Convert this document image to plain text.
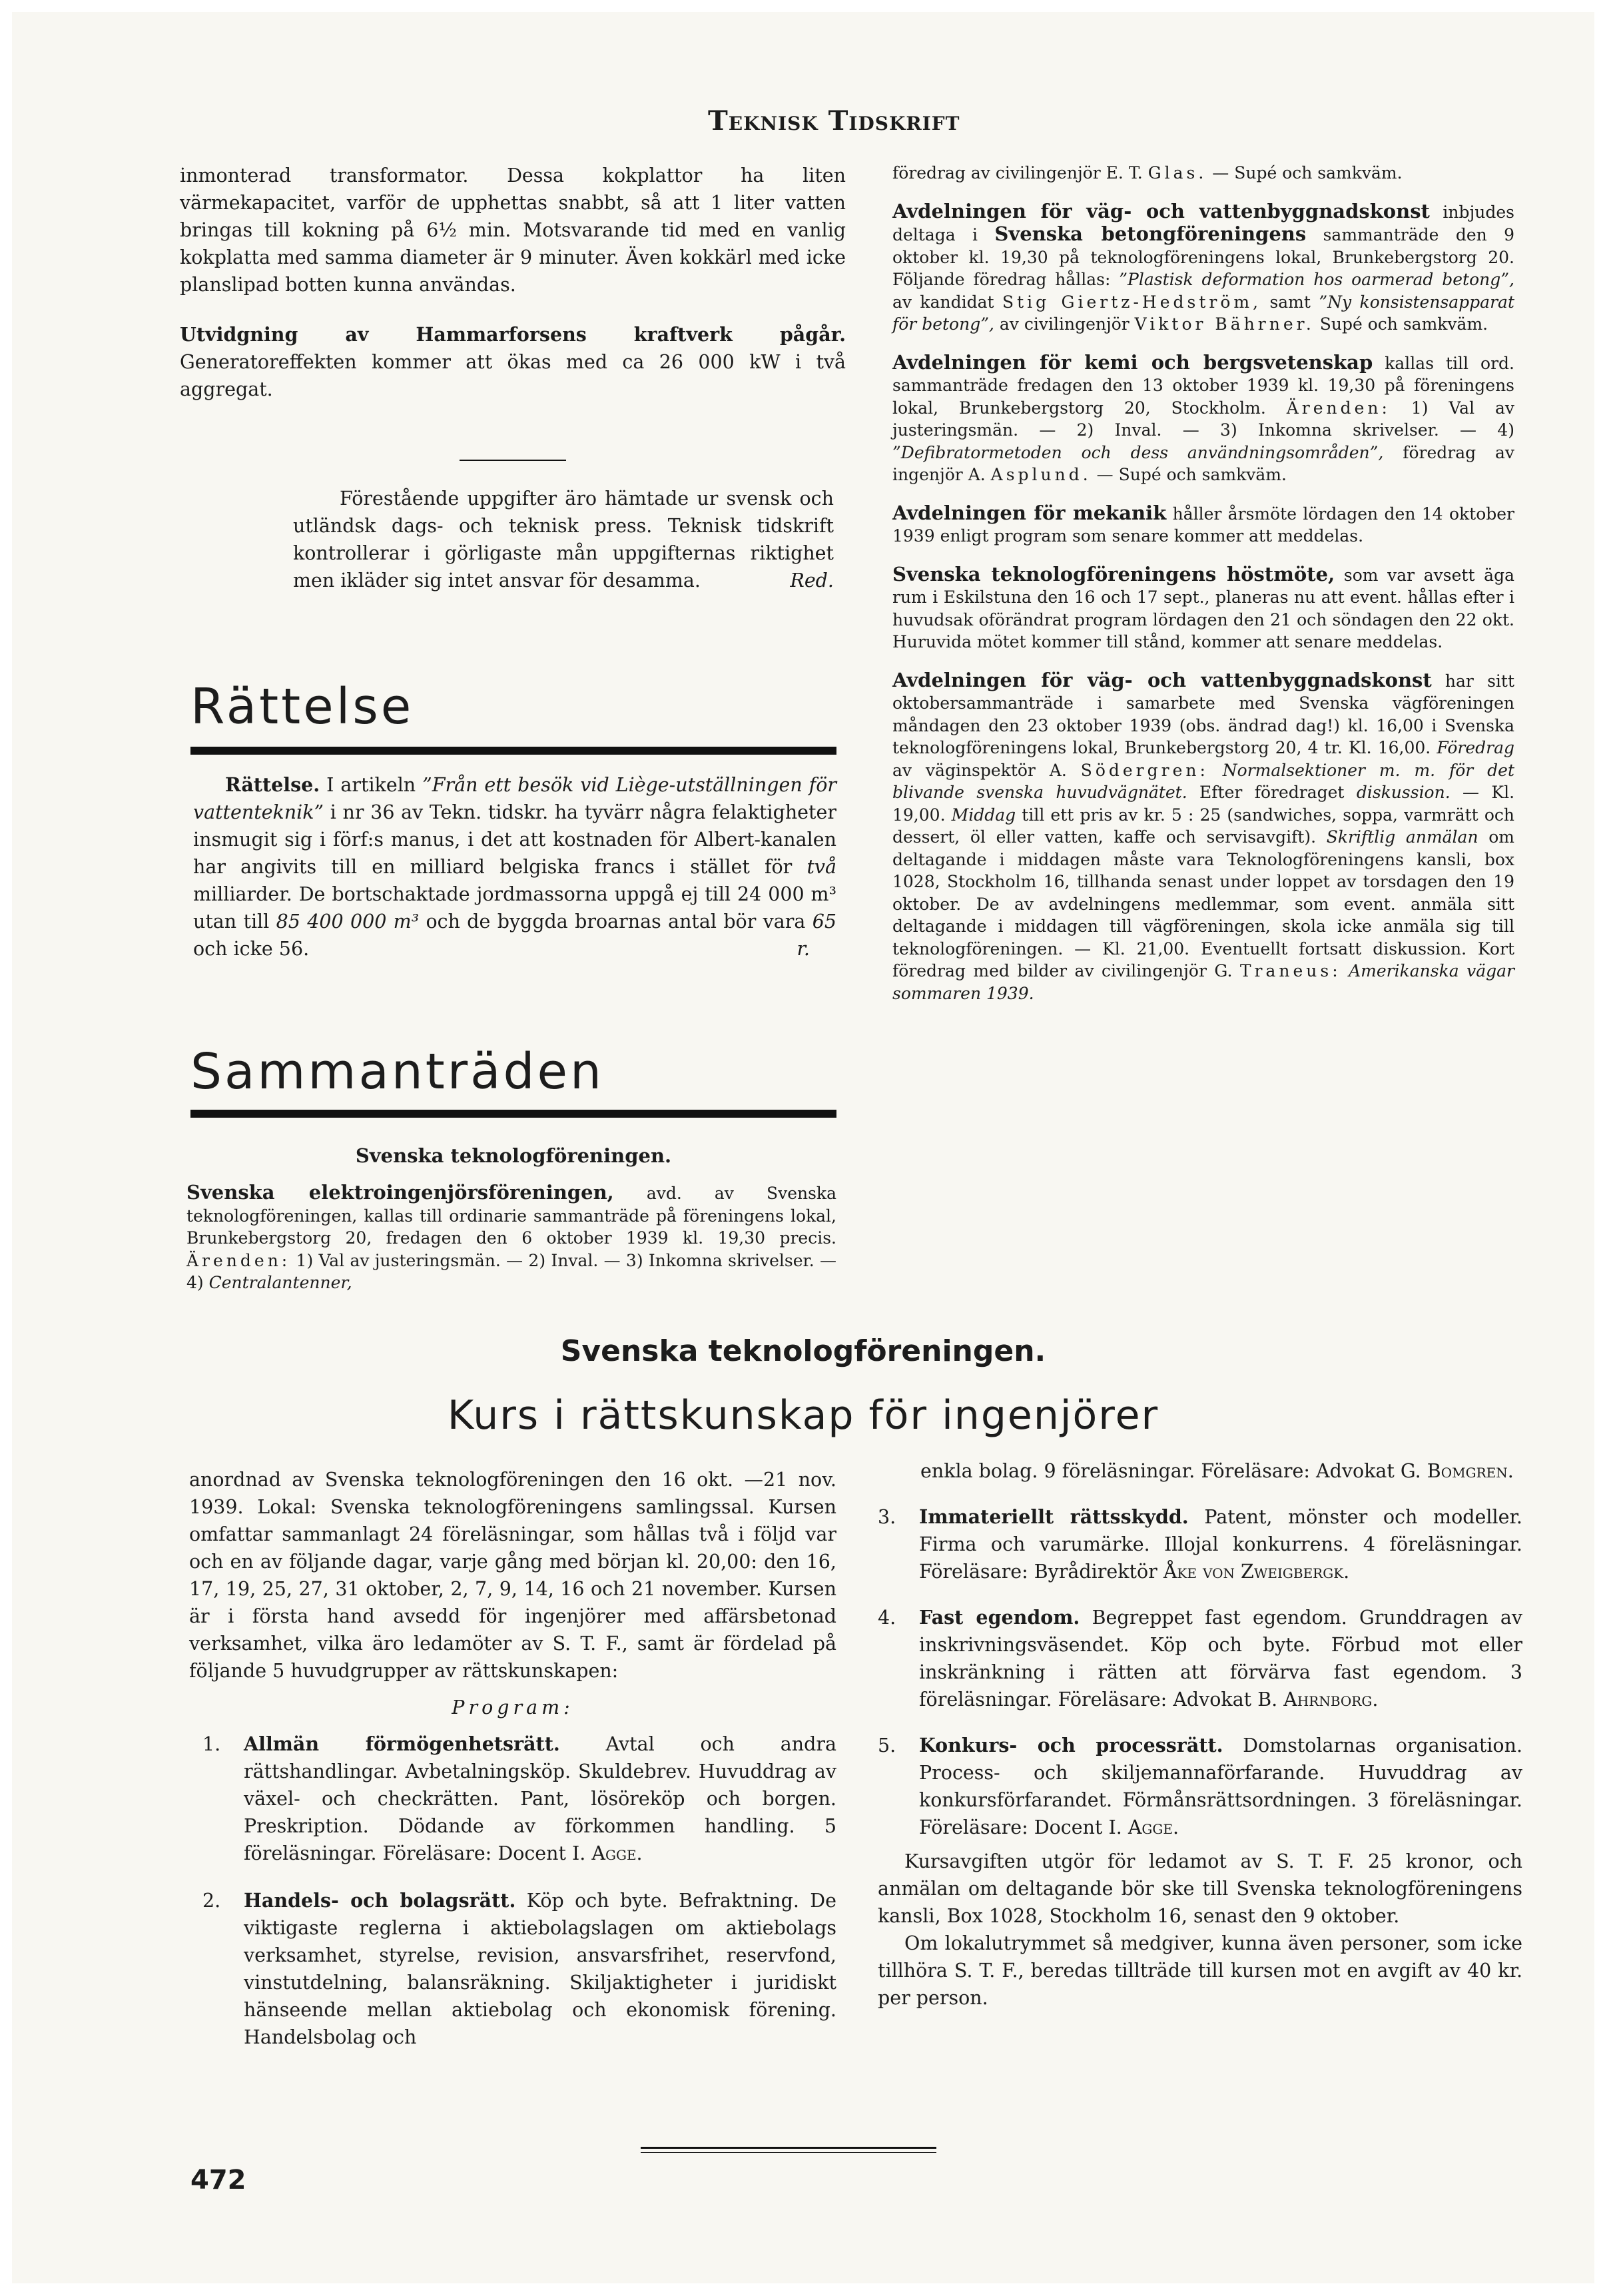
Teknisk Tidskrift

inmonterad transformator. Dessa kokplattor ha liten värmekapacitet, varför de upphettas snabbt, så att 1 liter vatten bringas till kokning på 6½ min. Motsvarande tid med en vanlig kokplatta med samma diameter är 9 minuter. Även kokkärl med icke planslipad botten kunna användas.

Utvidgning av Hammarforsens kraftverk pågår. Generatoreffekten kommer att ökas med ca 26 000 kW i två aggregat.

Förestående uppgifter äro hämtade ur svensk och utländsk dags- och teknisk press. Teknisk tidskrift kontrollerar i görligaste mån uppgifternas riktighet men ikläder sig intet ansvar för desamma.	Red.

Rättelse

Rättelse. I artikeln ”Från ett besök vid Liège-utställningen för vattenteknik” i nr 36 av Tekn. tidskr. ha tyvärr några felaktigheter insmugit sig i förf:s manus, i det att kostnaden för Albert-kanalen har angivits till en milliard belgiska francs i stället för två milliarder. De bortschaktade jordmassorna uppgå ej till 24 000 m³ utan till 85 400 000 m³ och de byggda broarnas antal bör vara 65 och icke 56.	r.

Sammanträden
Svenska teknologföreningen.

Svenska elektroingenjörsföreningen, avd. av Svenska teknologföreningen, kallas till ordinarie sammanträde på föreningens lokal, Brunkebergstorg 20, fredagen den 6 oktober 1939 kl. 19,30 precis. Ärenden: 1) Val av justeringsmän. — 2) Inval. — 3) Inkomna skrivelser. — 4) Centralantenner,

föredrag av civilingenjör E. T. Glas. — Supé och samkväm.

Avdelningen för väg- och vattenbyggnadskonst inbjudes deltaga i Svenska betongföreningens sammanträde den 9 oktober kl. 19,30 på teknologföreningens lokal, Brunkebergstorg 20. Följande föredrag hållas: ”Plastisk deformation hos oarmerad betong”, av kandidat Stig Giertz-Hedström, samt ”Ny konsistensapparat för betong”, av civilingenjör Viktor Bährner. Supé och samkväm.

Avdelningen för kemi och bergsvetenskap kallas till ord. sammanträde fredagen den 13 oktober 1939 kl. 19,30 på föreningens lokal, Brunkebergstorg 20, Stockholm. Ärenden: 1) Val av justeringsmän. — 2) Inval. — 3) Inkomna skrivelser. — 4) ”Defibratormetoden och dess användningsområden”, föredrag av ingenjör A. Asplund. — Supé och samkväm.

Avdelningen för mekanik håller årsmöte lördagen den 14 oktober 1939 enligt program som senare kommer att meddelas.

Svenska teknologföreningens höstmöte, som var avsett äga rum i Eskilstuna den 16 och 17 sept., planeras nu att event. hållas efter i huvudsak oförändrat program lördagen den 21 och söndagen den 22 okt. Huruvida mötet kommer till stånd, kommer att senare meddelas.

Avdelningen för väg- och vattenbyggnadskonst har sitt oktobersammanträde i samarbete med Svenska vägföreningen måndagen den 23 oktober 1939 (obs. ändrad dag!) kl. 16,00 i Svenska teknologföreningens lokal, Brunkebergstorg 20, 4 tr. Kl. 16,00. Föredrag av väginspektör A. Södergren: Normalsektioner m. m. för det blivande svenska huvudvägnätet. Efter föredraget diskussion. — Kl. 19,00. Middag till ett pris av kr. 5 : 25 (sandwiches, soppa, varmrätt och dessert, öl eller vatten, kaffe och servisavgift). Skriftlig anmälan om deltagande i middagen måste vara Teknologföreningens kansli, box 1028, Stockholm 16, tillhanda senast under loppet av torsdagen den 19 oktober. De av avdelningens medlemmar, som event. anmäla sitt deltagande i middagen till vägföreningen, skola icke anmäla sig till teknologföreningen. — Kl. 21,00. Eventuellt fortsatt diskussion. Kort föredrag med bilder av civilingenjör G. Traneus: Amerikanska vägar sommaren 1939.

Svenska teknologföreningen.
Kurs i rättskunskap för ingenjörer

anordnad av Svenska teknologföreningen den 16 okt. —21 nov. 1939. Lokal: Svenska teknologföreningens samlingssal. Kursen omfattar sammanlagt 24 föreläsningar, som hållas två i följd var och en av följande dagar, varje gång med början kl. 20,00: den 16, 17, 19, 25, 27, 31 oktober, 2, 7, 9, 14, 16 och 21 november. Kursen är i första hand avsedd för ingenjörer med affärsbetonad verksamhet, vilka äro ledamöter av S. T. F., samt är fördelad på följande 5 huvudgrupper av rättskunskapen:

Program:

1. Allmän förmögenhetsrätt. Avtal och andra rättshandlingar. Avbetalningsköp. Skuldebrev. Huvuddrag av växel- och checkrätten. Pant, lösöreköp och borgen. Preskription. Dödande av förkommen handling. 5 föreläsningar. Föreläsare: Docent I. Agge.

2. Handels- och bolagsrätt. Köp och byte. Befraktning. De viktigaste reglerna i aktiebolagslagen om aktiebolags verksamhet, styrelse, revision, ansvarsfrihet, reservfond, vinstutdelning, balansräkning. Skiljaktigheter i juridiskt hänseende mellan aktiebolag och ekonomisk förening. Handelsbolag och

enkla bolag. 9 föreläsningar. Föreläsare: Advokat G. Bomgren.

3. Immateriellt rättsskydd. Patent, mönster och modeller. Firma och varumärke. Illojal konkurrens. 4 föreläsningar. Föreläsare: Byrådirektör Åke von Zweigbergk.

4. Fast egendom. Begreppet fast egendom. Grunddragen av inskrivningsväsendet. Köp och byte. Förbud mot eller inskränkning i rätten att förvärva fast egendom. 3 föreläsningar. Föreläsare: Advokat B. Ahrnborg.

5. Konkurs- och processrätt. Domstolarnas organisation. Process- och skiljemannaförfarande. Huvuddrag av konkursförfarandet. Förmånsrättsordningen. 3 föreläsningar. Föreläsare: Docent I. Agge.

Kursavgiften utgör för ledamot av S. T. F. 25 kronor, och anmälan om deltagande bör ske till Svenska teknologföreningens kansli, Box 1028, Stockholm 16, senast den 9 oktober.

Om lokalutrymmet så medgiver, kunna även personer, som icke tillhöra S. T. F., beredas tillträde till kursen mot en avgift av 40 kr. per person.

472
